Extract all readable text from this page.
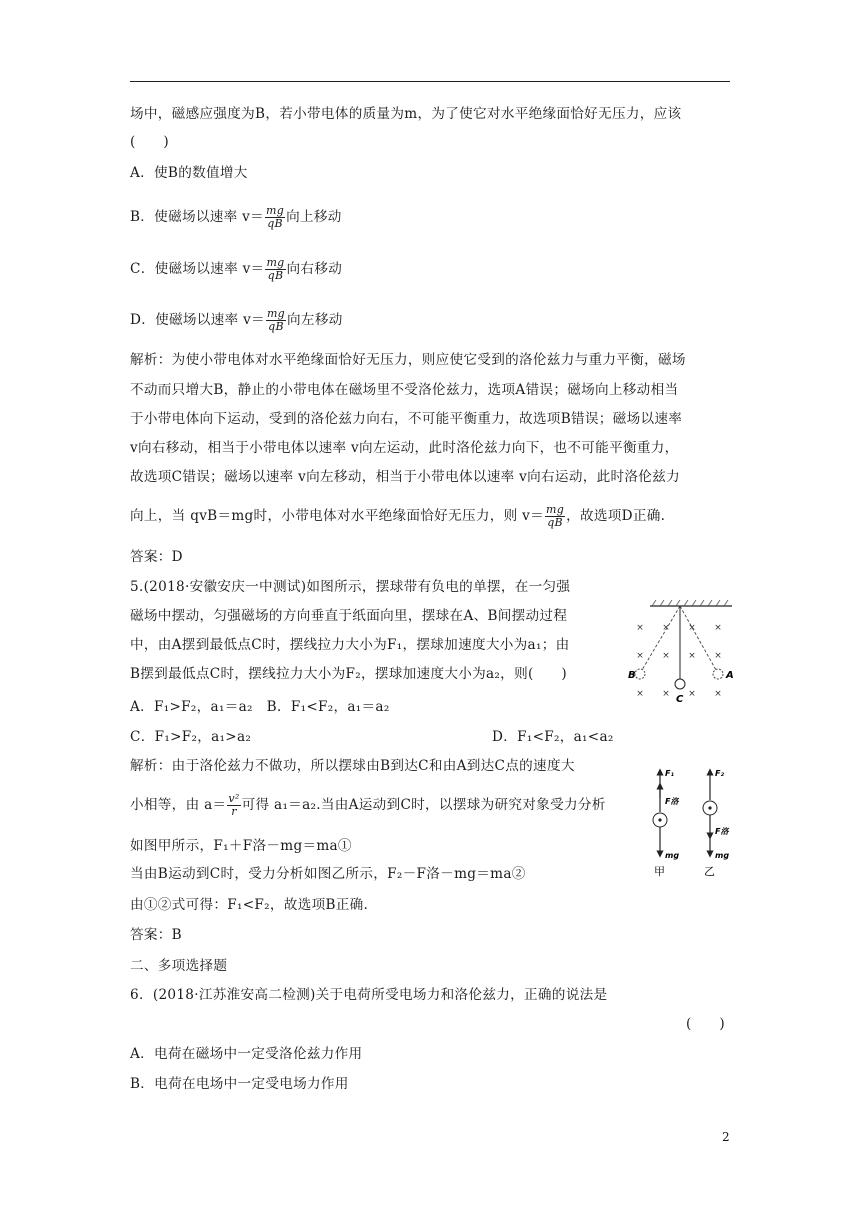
场中，磁感应强度为B，若小带电体的质量为m，为了使它对水平绝缘面恰好无压力，应该
(　　)
A．使B的数值增大
B．使磁场以速率 $v= \frac{mg}{qB}$ 向上移动
C．使磁场以速率 $v= \frac{mg}{qB}$ 向右移动
D．使磁场以速率 $v= \frac{mg}{qB}$ 向左移动
解析：为使小带电体对水平绝缘面恰好无压力，则应使它受到的洛伦兹力与重力平衡，磁场
不动而只增大B，静止的小带电体在磁场里不受洛伦兹力，选项A错误；磁场向上移动相当
于小带电体向下运动，受到的洛伦兹力向右，不可能平衡重力，故选项B错误；磁场以速率
v向右移动，相当于小带电体以速率 v向左运动，此时洛伦兹力向下，也不可能平衡重力，
故选项C错误；磁场以速率 v向左移动，相当于小带电体以速率 v向右运动，此时洛伦兹力
向上，当 qvB＝mg时，小带电体对水平绝缘面恰好无压力，则 $v= \frac{mg}{qB}$ ，故选项D正确.
答案：D
5.(2018·安徽安庆一中测试)如图所示，摆球带有负电的单摆，在一匀强
磁场中摆动，匀强磁场的方向垂直于纸面向里，摆球在A、B间摆动过程
中，由A摆到最低点C时，摆线拉力大小为F₁，摆球加速度大小为a₁；由
B摆到最低点C时，摆线拉力大小为F₂，摆球加速度大小为a₂，则(　　)
A．F₁>F₂，a₁＝a₂　B．F₁<F₂，a₁＝a₂
C．F₁>F₂，a₁>a₂	D．F₁<F₂，a₁<a₂
× × × ×
× × × ×
× × × ×
B
C
A
解析：由于洛伦兹力不做功，所以摆球由B到达C和由A到达C点的速度大
小相等，由 $a= \frac{\text{v²}}{r}$ 可得 a₁＝a₂.当由A运动到C时，以摆球为研究对象受力分析
如图甲所示，F₁＋F洛－mg＝ma①
当由B运动到C时，受力分析如图乙所示，F₂－F洛－mg＝ma②
由①②式可得：F₁<F₂，故选项B正确.
F₁
F洛
mg
甲
F₂
F洛
mg
乙
答案：B
二、多项选择题
6．(2018·江苏淮安高二检测)关于电荷所受电场力和洛伦兹力，正确的说法是
(　　)
A．电荷在磁场中一定受洛伦兹力作用
B．电荷在电场中一定受电场力作用
2
